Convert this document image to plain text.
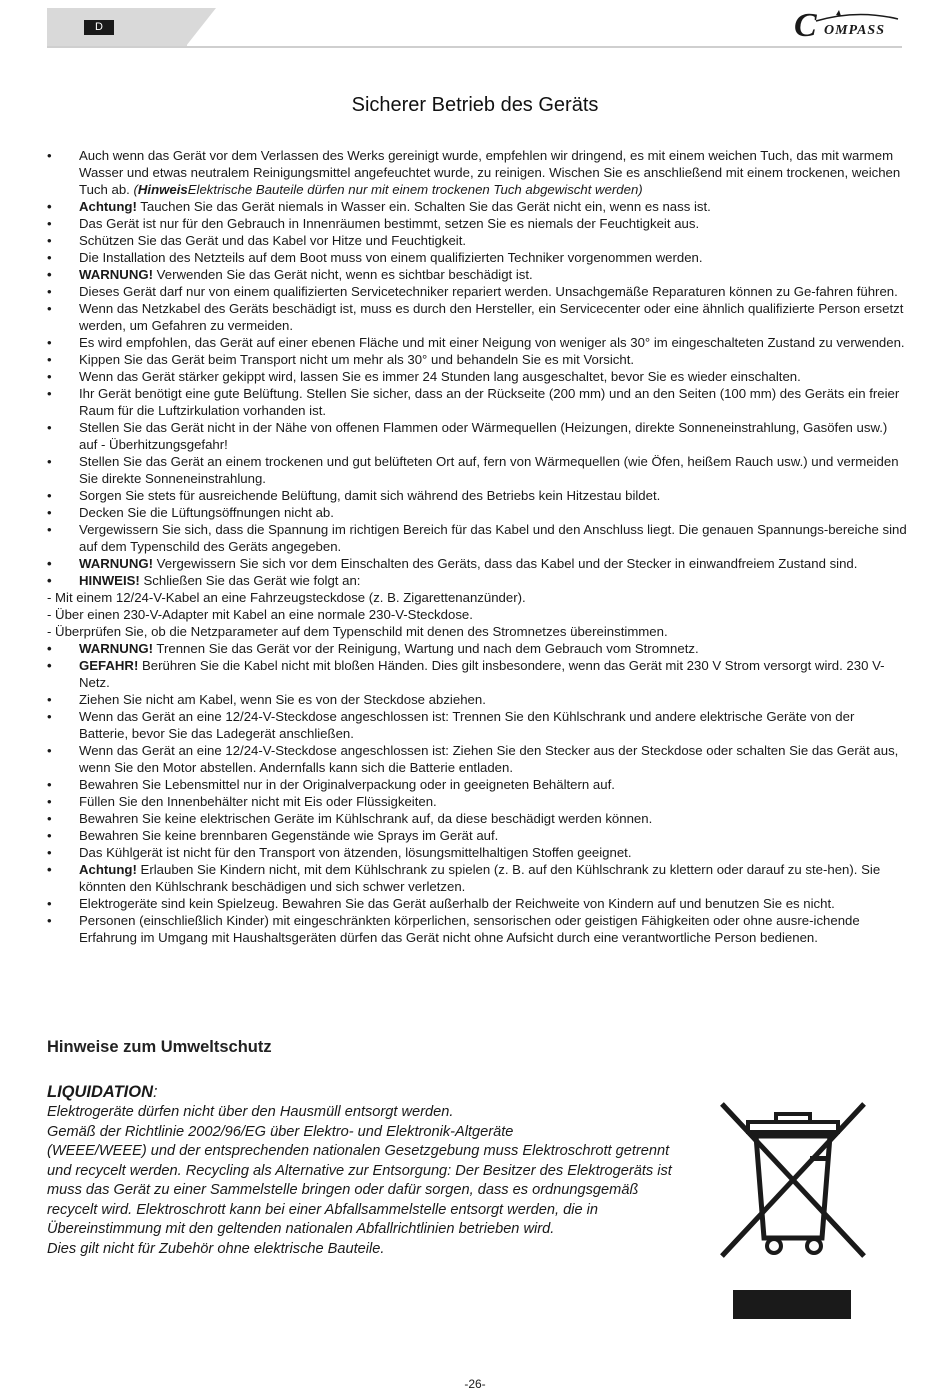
D	C OMPASS
Sicherer Betrieb des Geräts
• Auch wenn das Gerät vor dem Verlassen des Werks gereinigt wurde, empfehlen wir dringend, es mit einem weichen Tuch, das mit warmem Wasser und etwas neutralem Reinigungsmittel angefeuchtet wurde, zu reinigen. Wischen Sie es anschließend mit einem trockenen, weichen Tuch ab. (HinweisElektrische Bauteile dürfen nur mit einem trockenen Tuch abgewischt werden)
• Achtung! Tauchen Sie das Gerät niemals in Wasser ein. Schalten Sie das Gerät nicht ein, wenn es nass ist.
• Das Gerät ist nur für den Gebrauch in Innenräumen bestimmt, setzen Sie es niemals der Feuchtigkeit aus.
• Schützen Sie das Gerät und das Kabel vor Hitze und Feuchtigkeit.
• Die Installation des Netzteils auf dem Boot muss von einem qualifizierten Techniker vorgenommen werden.
• WARNUNG! Verwenden Sie das Gerät nicht, wenn es sichtbar beschädigt ist.
• Dieses Gerät darf nur von einem qualifizierten Servicetechniker repariert werden. Unsachgemäße Reparaturen können zu Ge-fahren führen.
• Wenn das Netzkabel des Geräts beschädigt ist, muss es durch den Hersteller, ein Servicecenter oder eine ähnlich qualifizierte Person ersetzt werden, um Gefahren zu vermeiden.
• Es wird empfohlen, das Gerät auf einer ebenen Fläche und mit einer Neigung von weniger als 30° im eingeschalteten Zustand zu verwenden.
• Kippen Sie das Gerät beim Transport nicht um mehr als 30° und behandeln Sie es mit Vorsicht.
• Wenn das Gerät stärker gekippt wird, lassen Sie es immer 24 Stunden lang ausgeschaltet, bevor Sie es wieder einschalten.
• Ihr Gerät benötigt eine gute Belüftung. Stellen Sie sicher, dass an der Rückseite (200 mm) und an den Seiten (100 mm) des Geräts ein freier Raum für die Luftzirkulation vorhanden ist.
• Stellen Sie das Gerät nicht in der Nähe von offenen Flammen oder Wärmequellen (Heizungen, direkte Sonneneinstrahlung, Gasöfen usw.) auf - Überhitzungsgefahr!
• Stellen Sie das Gerät an einem trockenen und gut belüfteten Ort auf, fern von Wärmequellen (wie Öfen, heißem Rauch usw.) und vermeiden Sie direkte Sonneneinstrahlung.
• Sorgen Sie stets für ausreichende Belüftung, damit sich während des Betriebs kein Hitzestau bildet.
• Decken Sie die Lüftungsöffnungen nicht ab.
• Vergewissern Sie sich, dass die Spannung im richtigen Bereich für das Kabel und den Anschluss liegt. Die genauen Spannungs-bereiche sind auf dem Typenschild des Geräts angegeben.
• WARNUNG! Vergewissern Sie sich vor dem Einschalten des Geräts, dass das Kabel und der Stecker in einwandfreiem Zustand sind.
• HINWEIS! Schließen Sie das Gerät wie folgt an:
- Mit einem 12/24-V-Kabel an eine Fahrzeugsteckdose (z. B. Zigarettenanzünder).
- Über einen 230-V-Adapter mit Kabel an eine normale 230-V-Steckdose.
- Überprüfen Sie, ob die Netzparameter auf dem Typenschild mit denen des Stromnetzes übereinstimmen.
• WARNUNG! Trennen Sie das Gerät vor der Reinigung, Wartung und nach dem Gebrauch vom Stromnetz.
• GEFAHR! Berühren Sie die Kabel nicht mit bloßen Händen. Dies gilt insbesondere, wenn das Gerät mit 230 V Strom versorgt wird. 230 V-Netz.
• Ziehen Sie nicht am Kabel, wenn Sie es von der Steckdose abziehen.
• Wenn das Gerät an eine 12/24-V-Steckdose angeschlossen ist: Trennen Sie den Kühlschrank und andere elektrische Geräte von der Batterie, bevor Sie das Ladegerät anschließen.
• Wenn das Gerät an eine 12/24-V-Steckdose angeschlossen ist: Ziehen Sie den Stecker aus der Steckdose oder schalten Sie das Gerät aus, wenn Sie den Motor abstellen. Andernfalls kann sich die Batterie entladen.
• Bewahren Sie Lebensmittel nur in der Originalverpackung oder in geeigneten Behältern auf.
• Füllen Sie den Innenbehälter nicht mit Eis oder Flüssigkeiten.
• Bewahren Sie keine elektrischen Geräte im Kühlschrank auf, da diese beschädigt werden können.
• Bewahren Sie keine brennbaren Gegenstände wie Sprays im Gerät auf.
• Das Kühlgerät ist nicht für den Transport von ätzenden, lösungsmittelhaltigen Stoffen geeignet.
• Achtung! Erlauben Sie Kindern nicht, mit dem Kühlschrank zu spielen (z. B. auf den Kühlschrank zu klettern oder darauf zu ste-hen). Sie könnten den Kühlschrank beschädigen und sich schwer verletzen.
• Elektrogeräte sind kein Spielzeug. Bewahren Sie das Gerät außerhalb der Reichweite von Kindern auf und benutzen Sie es nicht.
• Personen (einschließlich Kinder) mit eingeschränkten körperlichen, sensorischen oder geistigen Fähigkeiten oder ohne ausre-ichende Erfahrung im Umgang mit Haushaltsgeräten dürfen das Gerät nicht ohne Aufsicht durch eine verantwortliche Person bedienen.
Hinweise zum Umweltschutz
LIQUIDATION:
Elektrogeräte dürfen nicht über den Hausmüll entsorgt werden.
Gemäß der Richtlinie 2002/96/EG über Elektro- und Elektronik-Altgeräte
(WEEE/WEEE) und der entsprechenden nationalen Gesetzgebung muss Elektroschrott getrennt
und recycelt werden. Recycling als Alternative zur Entsorgung: Der Besitzer des Elektrogeräts ist
muss das Gerät zu einer Sammelstelle bringen oder dafür sorgen, dass es ordnungsgemäß
recycelt wird. Elektroschrott kann bei einer Abfallsammelstelle entsorgt werden, die in
Übereinstimmung mit den geltenden nationalen Abfallrichtlinien betrieben wird.
Dies gilt nicht für Zubehör ohne elektrische Bauteile.
-26-
